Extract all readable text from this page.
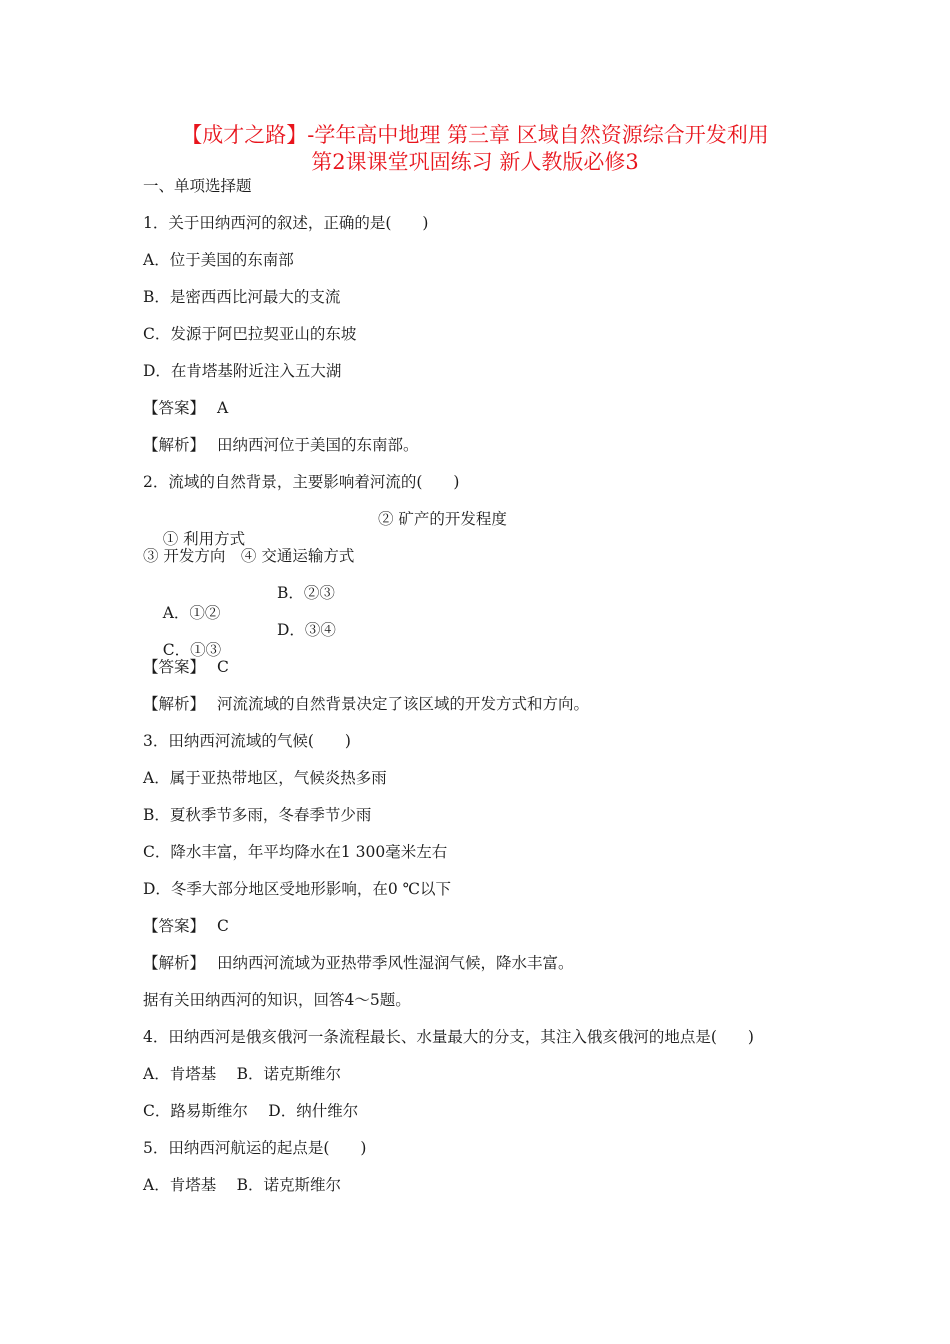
【成才之路】-学年高中地理 第三章 区域自然资源综合开发利用
第2课课堂巩固练习 新人教版必修3
一、单项选择题
1．关于田纳西河的叙述，正确的是(　　)
A．位于美国的东南部
B．是密西西比河最大的支流
C．发源于阿巴拉契亚山的东坡
D．在肯塔基附近注入五大湖
【答案】 A
【解析】 田纳西河位于美国的东南部。
2．流域的自然背景，主要影响着河流的(　　)

① 利用方式

② 矿产的开发程度

③ 开发方向　④ 交通运输方式

A．①②

B．②③

C．①③

D．③④

【答案】 C
【解析】 河流流域的自然背景决定了该区域的开发方式和方向。
3．田纳西河流域的气候(　　)
A．属于亚热带地区，气候炎热多雨
B．夏秋季节多雨，冬春季节少雨
C．降水丰富，年平均降水在1 300毫米左右
D．冬季大部分地区受地形影响，在0 ℃以下
【答案】 C
【解析】 田纳西河流域为亚热带季风性湿润气候，降水丰富。
据有关田纳西河的知识，回答4～5题。
4．田纳西河是俄亥俄河一条流程最长、水量最大的分支，其注入俄亥俄河的地点是(　　)
A．肯塔基　 B．诺克斯维尔
C．路易斯维尔　 D．纳什维尔
5．田纳西河航运的起点是(　　)
A．肯塔基　 B．诺克斯维尔
